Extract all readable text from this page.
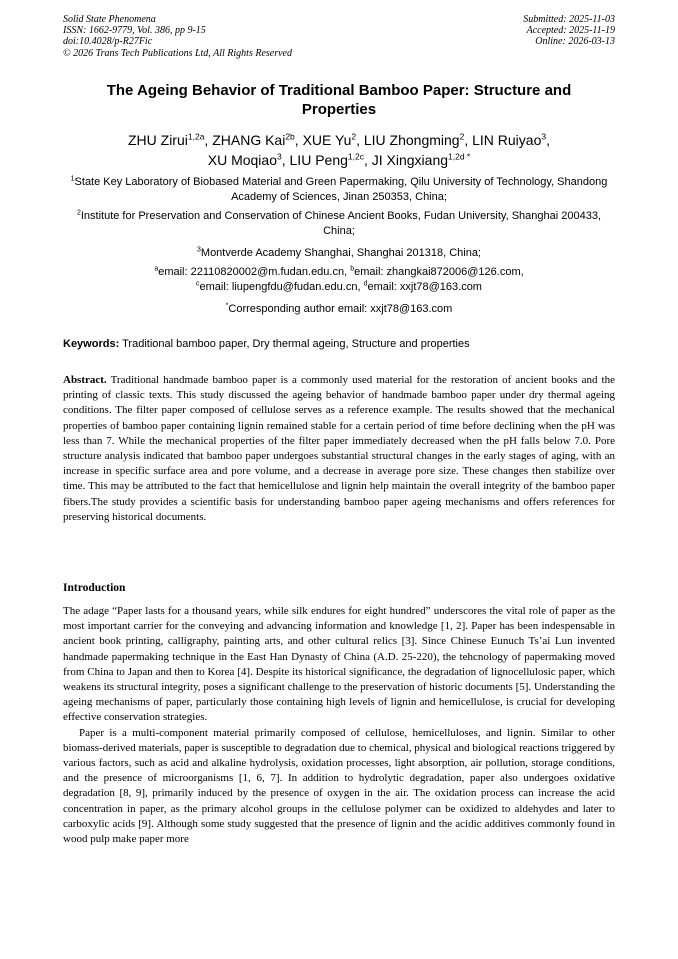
Solid State Phenomena
ISSN: 1662-9779, Vol. 386, pp 9-15
doi:10.4028/p-R27Fic
© 2026 Trans Tech Publications Ltd, All Rights Reserved
Submitted: 2025-11-03
Accepted: 2025-11-19
Online: 2026-03-13
The Ageing Behavior of Traditional Bamboo Paper: Structure and Properties
ZHU Zirui$^{1,2a}$, ZHANG Kai$^{2b}$, XUE Yu$^2$, LIU Zhongming$^2$, LIN Ruiyao$^3$,
XU Moqiao$^3$, LIU Peng$^{1,2c}$, JI Xingxiang$^{1,2d *}$
$^1$State Key Laboratory of Biobased Material and Green Papermaking, Qilu University of Technology, Shandong Academy of Sciences, Jinan 250353, China;
$^2$Institute for Preservation and Conservation of Chinese Ancient Books, Fudan University, Shanghai 200433, China;
$^3$Montverde Academy Shanghai, Shanghai 201318, China;
$^a$email: 22110820002@m.fudan.edu.cn, $^b$email: zhangkai872006@126.com,
$^c$email: liupengfdu@fudan.edu.cn, $^d$email: xxjt78@163.com
*Corresponding author email: xxjt78@163.com
Keywords: Traditional bamboo paper, Dry thermal ageing, Structure and properties
Abstract. Traditional handmade bamboo paper is a commonly used material for the restoration of ancient books and the printing of classic texts. This study discussed the ageing behavior of handmade bamboo paper under dry thermal ageing conditions. The filter paper composed of cellulose serves as a reference example. The results showed that the mechanical properties of bamboo paper containing lignin remained stable for a certain period of time before declining when the pH was less than 7. While the mechanical properties of the filter paper immediately decreased when the pH falls below 7.0. Pore structure analysis indicated that bamboo paper undergoes substantial structural changes in the early stages of aging, with an increase in specific surface area and pore volume, and a decrease in average pore size. These changes then stabilize over time. This may be attributed to the fact that hemicellulose and lignin help maintain the overall integrity of the bamboo paper fibers.The study provides a scientific basis for understanding bamboo paper ageing mechanisms and offers references for preserving historical documents.
Introduction

The adage “Paper lasts for a thousand years, while silk endures for eight hundred” underscores the vital role of paper as the most important carrier for the conveying and advancing information and knowledge [1, 2]. Paper has been indespensable in ancient book printing, calligraphy, painting arts, and other cultural relics [3]. Since Chinese Eunuch Ts’ai Lun invented handmade papermaking technique in the East Han Dynasty of China (A.D. 25-220), the tehcnology of papermaking moved from China to Japan and then to Korea [4]. Despite its historical significance, the degradation of lignocellulosic paper, which weakens its structural integrity, poses a significant challenge to the preservation of historic documents [5]. Understanding the ageing mechanisms of paper, particularly those containing high levels of lignin and hemicellulose, is crucial for developing effective conservation strategies.

Paper is a multi-component material primarily composed of cellulose, hemicelluloses, and lignin. Similar to other biomass-derived materials, paper is susceptible to degradation due to chemical, physical and biological reactions triggered by various factors, such as acid and alkaline hydrolysis, oxidation processes, light absorption, air pollution, storage conditions, and the presence of microorganisms [1, 6, 7]. In addition to hydrolytic degradation, paper also undergoes oxidative degradation [8, 9], primarily induced by the presence of oxygen in the air. The oxidation process can increase the acid concentration in paper, as the primary alcohol groups in the cellulose polymer can be oxidized to aldehydes and later to carboxylic acids [9]. Although some study suggested that the presence of lignin and the acidic additives commonly found in wood pulp make paper more
